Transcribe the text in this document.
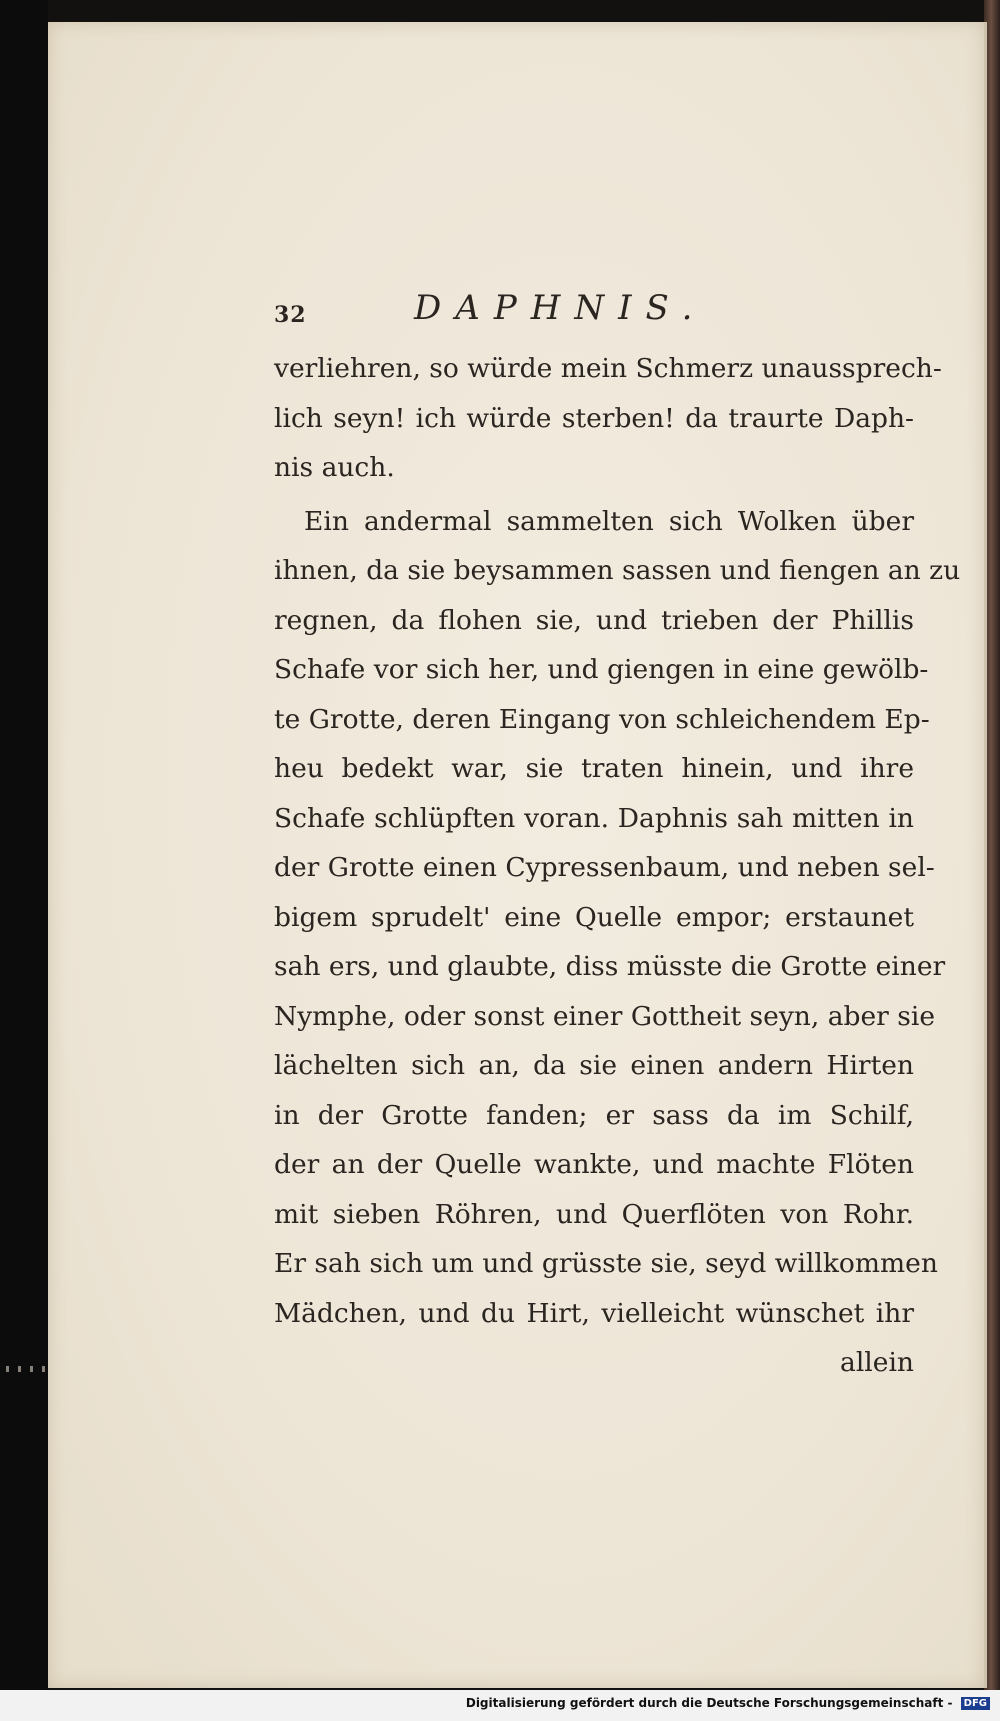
32	DAPHNIS.
verliehren, so würde mein Schmerz unaussprech-
lich seyn! ich würde sterben! da traurte Daph-
nis auch.
Ein andermal sammelten sich Wolken über
ihnen, da sie beysammen sassen und fiengen an zu
regnen, da flohen sie, und trieben der Phillis
Schafe vor sich her, und giengen in eine gewölb-
te Grotte, deren Eingang von schleichendem Ep-
heu bedekt war, sie traten hinein, und ihre
Schafe schlüpften voran. Daphnis sah mitten in
der Grotte einen Cypressenbaum, und neben sel-
bigem sprudelt' eine Quelle empor; erstaunet
sah ers, und glaubte, diss müsste die Grotte einer
Nymphe, oder sonst einer Gottheit seyn, aber sie
lächelten sich an, da sie einen andern Hirten
in der Grotte fanden; er sass da im Schilf,
der an der Quelle wankte, und machte Flöten
mit sieben Röhren, und Querflöten von Rohr.
Er sah sich um und grüsste sie, seyd willkommen
Mädchen, und du Hirt, vielleicht wünschet ihr
allein
Digitalisierung gefördert durch die Deutsche Forschungsgemeinschaft - DFG
